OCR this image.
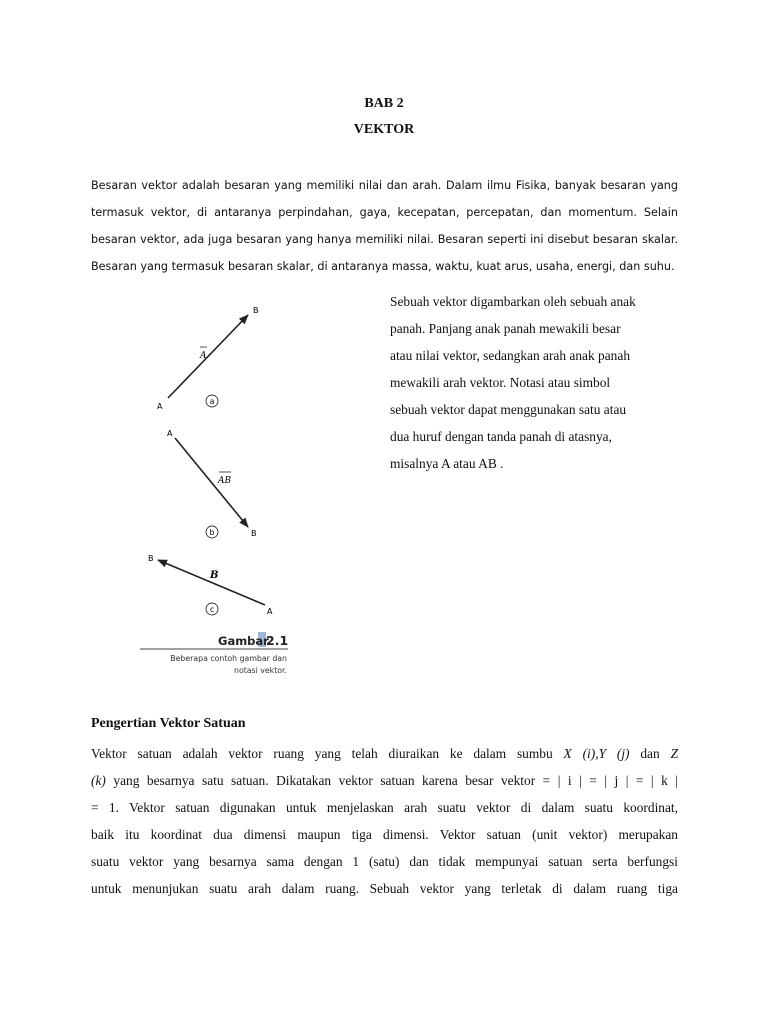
BAB 2
VEKTOR

Besaran vektor adalah besaran yang memiliki nilai dan arah. Dalam ilmu Fisika, banyak besaran yang
termasuk vektor, di antaranya perpindahan, gaya, kecepatan, percepatan, dan momentum. Selain
besaran vektor, ada juga besaran yang hanya memiliki nilai. Besaran seperti ini disebut besaran skalar.
Besaran yang termasuk besaran skalar, di antaranya massa, waktu, kuat arus, usaha, energi, dan suhu.

A
B
A
a
A
B
AB
b
A
B
B
c
Gambar
2.1
Beberapa contoh gambar dan
notasi vektor.

Sebuah vektor digambarkan oleh sebuah anak
panah. Panjang anak panah mewakili besar
atau nilai vektor, sedangkan arah anak panah
mewakili arah vektor. Notasi atau simbol
sebuah vektor dapat menggunakan satu atau
dua huruf dengan tanda panah di atasnya,
misalnya A atau AB .

Pengertian Vektor Satuan

Vektor satuan adalah vektor ruang yang telah diuraikan ke dalam sumbu X (i),Y (j) dan Z
(k) yang besarnya satu satuan. Dikatakan vektor satuan karena besar vektor = | i | = | j | = | k |
= 1. Vektor satuan digunakan untuk menjelaskan arah suatu vektor di dalam suatu koordinat,
baik itu koordinat dua dimensi maupun tiga dimensi. Vektor satuan (unit vektor) merupakan
suatu vektor yang besarnya sama dengan 1 (satu) dan tidak mempunyai satuan serta berfungsi
untuk menunjukan suatu arah dalam ruang. Sebuah vektor yang terletak di dalam ruang tiga
